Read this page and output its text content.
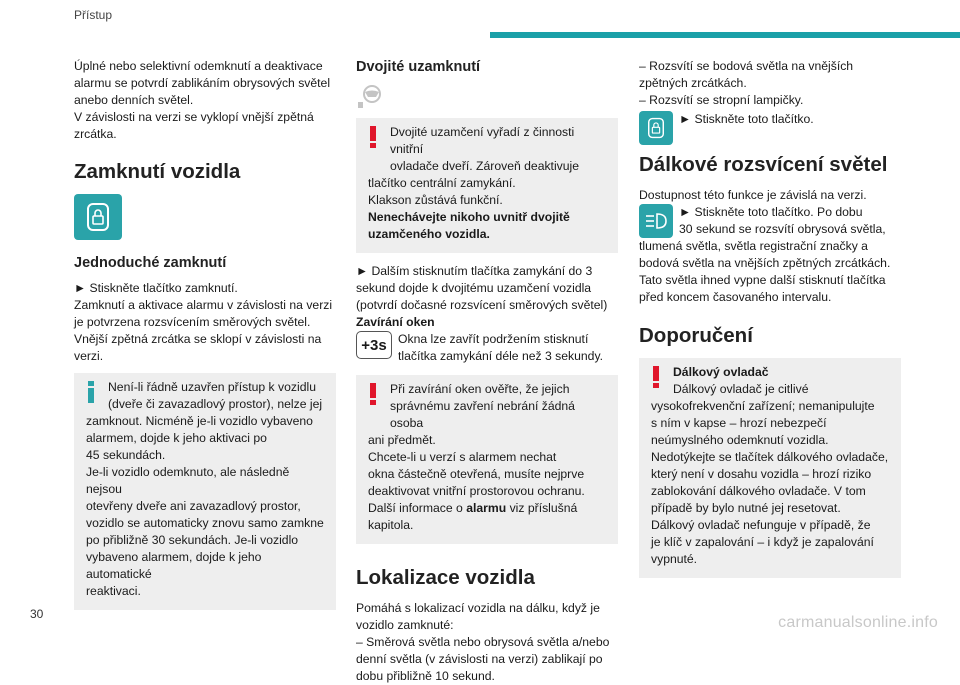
Přístup

Úplné nebo selektivní odemknutí a deaktivace

alarmu se potvrdí zablikáním obrysových světel

anebo denních světel.

V závislosti na verzi se vyklopí vnější zpětná

zrcátka.

Zamknutí vozidla
Jednoduché zamknutí

► Stiskněte tlačítko zamknutí.

Zamknutí a aktivace alarmu v závislosti na verzi

je potvrzena rozsvícením směrových světel.

Vnější zpětná zrcátka se sklopí v závislosti na

verzi.

Není-li řádně uzavřen přístup k vozidlu

(dveře či zavazadlový prostor), nelze jej

zamknout. Nicméně je-li vozidlo vybaveno

alarmem, dojde k jeho aktivaci po

45 sekundách.

Je-li vozidlo odemknuto, ale následně nejsou

otevřeny dveře ani zavazadlový prostor,

vozidlo se automaticky znovu samo zamkne

po přibližně 30 sekundách. Je-li vozidlo

vybaveno alarmem, dojde k jeho automatické

reaktivaci.

Dvojité uzamknutí

Dvojité uzamčení vyřadí z činnosti vnitřní

ovladače dveří. Zároveň deaktivuje

tlačítko centrální zamykání.

Klakson zůstává funkční.

Nenechávejte nikoho uvnitř dvojitě

uzamčeného vozidla.

► Dalším stisknutím tlačítka zamykání do 3

sekund dojde k dvojitému uzamčení vozidla

(potvrdí dočasné rozsvícení směrových světel)

Zavírání oken

+3s Okna lze zavřít podržením stisknutí

tlačítka zamykání déle než 3 sekundy.

Při zavírání oken ověřte, že jejich

správnému zavření nebrání žádná osoba

ani předmět.

Chcete-li u verzí s alarmem nechat

okna částečně otevřená, musíte nejprve

deaktivovat vnitřní prostorovou ochranu.

Další informace o alarmu viz příslušná

kapitola.

Lokalizace vozidla

Pomáhá s lokalizací vozidla na dálku, když je

vozidlo zamknuté:

– Směrová světla nebo obrysová světla a/nebo

denní světla (v závislosti na verzi) zablikají po

dobu přibližně 10 sekund.

– Rozsvítí se bodová světla na vnějších

zpětných zrcátkách.

– Rozsvítí se stropní lampičky.

► Stiskněte toto tlačítko.

Dálkové rozsvícení světel

Dostupnost této funkce je závislá na verzi.

► Stiskněte toto tlačítko. Po dobu

30 sekund se rozsvítí obrysová světla,

tlumená světla, světla registrační značky a

bodová světla na vnějších zpětných zrcátkách.

Tato světla ihned vypne další stisknutí tlačítka

před koncem časovaného intervalu.

Doporučení

Dálkový ovladač

Dálkový ovladač je citlivé

vysokofrekvenční zařízení; nemanipulujte

s ním v kapse – hrozí nebezpečí

neúmyslného odemknutí vozidla.

Nedotýkejte se tlačítek dálkového ovladače,

který není v dosahu vozidla – hrozí riziko

zablokování dálkového ovladače. V tom

případě by bylo nutné jej resetovat.

Dálkový ovladač nefunguje v případě, že

je klíč v zapalování – i když je zapalování

vypnuté.

30	carmanualsonline.info
